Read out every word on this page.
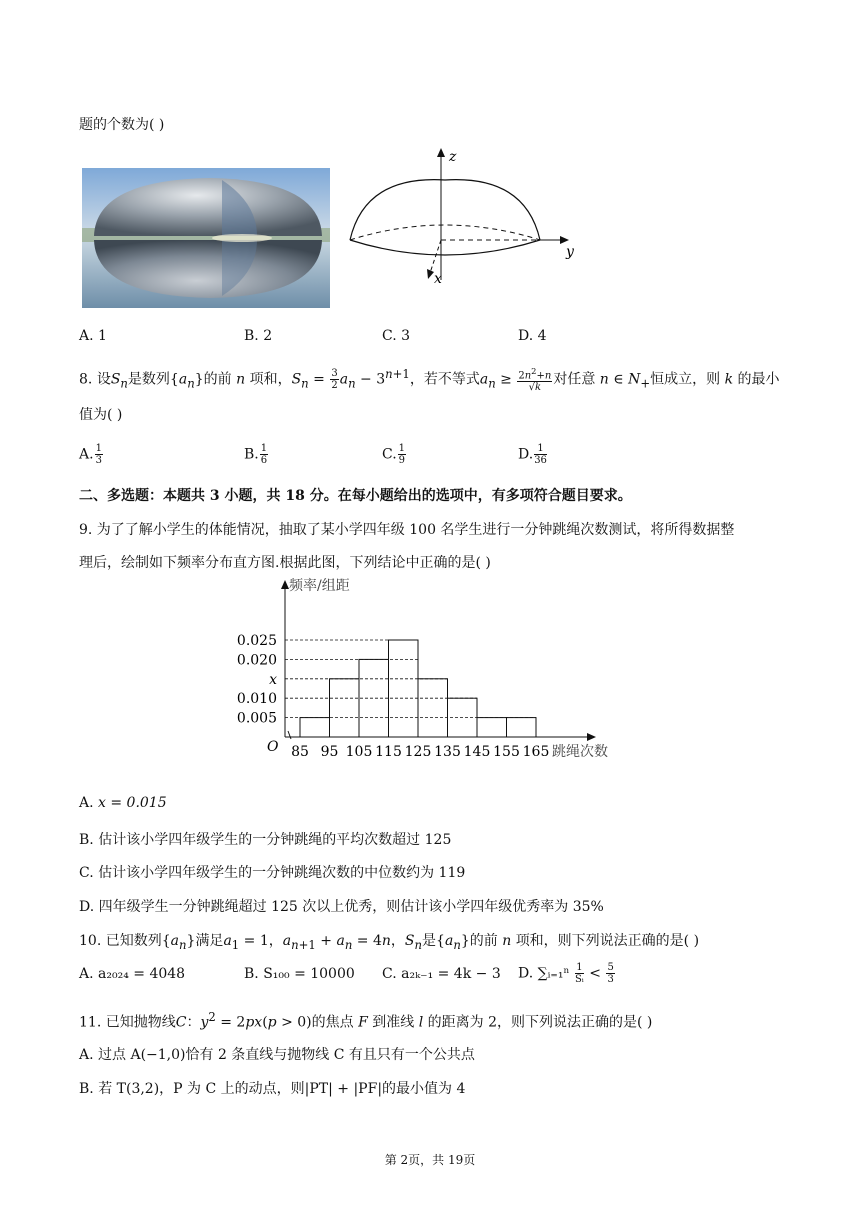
题的个数为( )
z
y
x
A. 1	B. 2	C. 3	D. 4
8. 设$S_n$是数列$\{a_n\}$的前 n 项和，$S_n = \frac{3}{2} a_n - 3^{n+1}$，若不等式$a_n \ge \frac{2n^2+n}{√k}$ 对任意 n ∈ $N_+$恒成立，则 k 的最小
值为( )
A. $\frac{1}{3}$	B. $\frac{1}{6}$	C. $\frac{1}{9}$	D. $\frac{1}{36}$
二、多选题：本题共 3 小题，共 18 分。在每小题给出的选项中，有多项符合题目要求。
9. 为了了解小学生的体能情况，抽取了某小学四年级 100 名学生进行一分钟跳绳次数测试，将所得数据整
理后，绘制如下频率分布直方图.根据此图，下列结论中正确的是( )
0.005
0.010
x
0.020
0.025
85 95 105 115 125 135 145 155 165
O
频率/组距
跳绳次数
A. x = 0.015
B. 估计该小学四年级学生的一分钟跳绳的平均次数超过 125
C. 估计该小学四年级学生的一分钟跳绳次数的中位数约为 119
D. 四年级学生一分钟跳绳超过 125 次以上优秀，则估计该小学四年级优秀率为 35%
10. 已知数列$\{a_n\}$满足$a_1 = 1$，$a_{n+1} + a_n = 4n$，$S_n$是$\{a_n\}$的前 n 项和，则下列说法正确的是( )
A. a₂₀₂₄ = 4048	B. S₁₀₀ = 10000 C. a₂ₖ₋₁ = 4k − 3 D. ∑ᵢ₌₁ⁿ $\frac{1}{\text{Sᵢ}} < \frac{5}{3}$
11. 已知抛物线C：$y^2 = 2px(p > 0)$的焦点 F 到准线 l 的距离为 2，则下列说法正确的是( )
A. 过点 A(−1,0)恰有 2 条直线与抛物线 C 有且只有一个公共点
B. 若 T(3,2)，P 为 C 上的动点，则|PT| + |PF|的最小值为 4
第 2页，共 19页
